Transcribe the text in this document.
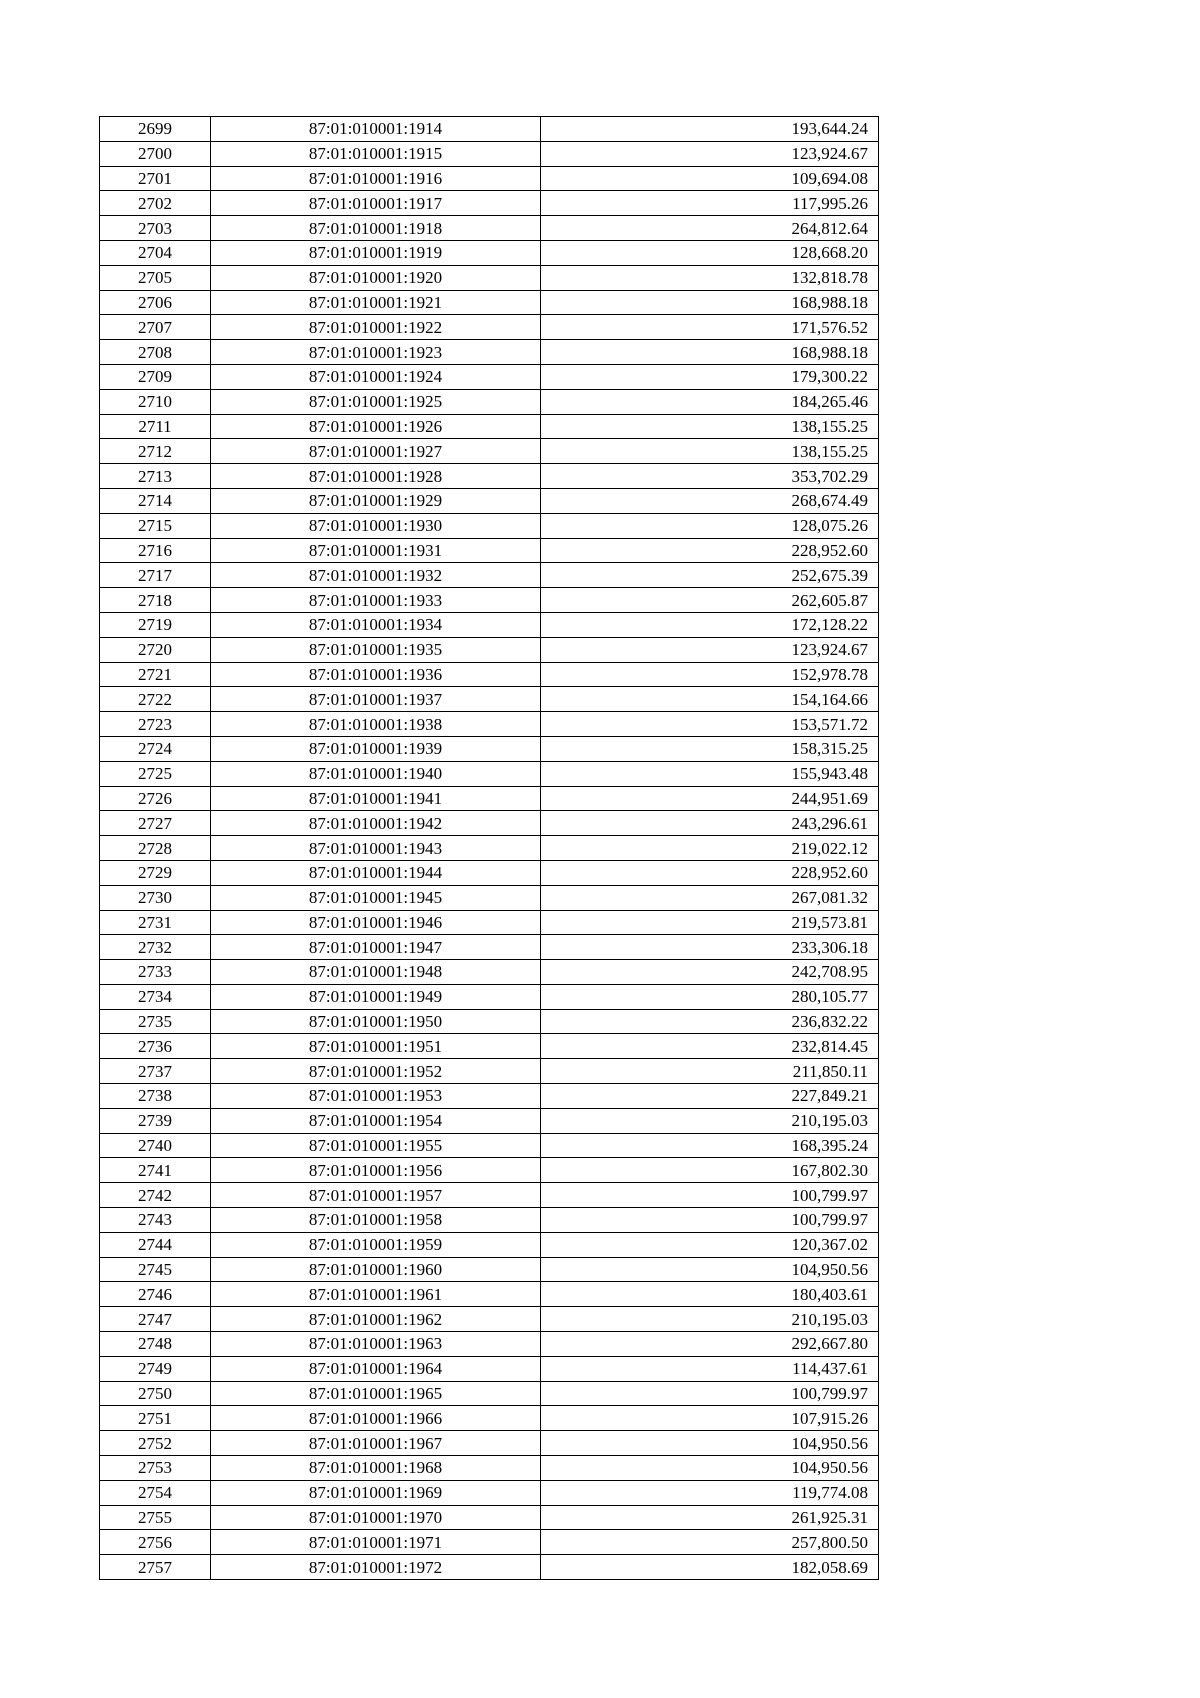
2699	87:01:010001:1914	193,644.24
2700	87:01:010001:1915	123,924.67
2701	87:01:010001:1916	109,694.08
2702	87:01:010001:1917	117,995.26
2703	87:01:010001:1918	264,812.64
2704	87:01:010001:1919	128,668.20
2705	87:01:010001:1920	132,818.78
2706	87:01:010001:1921	168,988.18
2707	87:01:010001:1922	171,576.52
2708	87:01:010001:1923	168,988.18
2709	87:01:010001:1924	179,300.22
2710	87:01:010001:1925	184,265.46
2711	87:01:010001:1926	138,155.25
2712	87:01:010001:1927	138,155.25
2713	87:01:010001:1928	353,702.29
2714	87:01:010001:1929	268,674.49
2715	87:01:010001:1930	128,075.26
2716	87:01:010001:1931	228,952.60
2717	87:01:010001:1932	252,675.39
2718	87:01:010001:1933	262,605.87
2719	87:01:010001:1934	172,128.22
2720	87:01:010001:1935	123,924.67
2721	87:01:010001:1936	152,978.78
2722	87:01:010001:1937	154,164.66
2723	87:01:010001:1938	153,571.72
2724	87:01:010001:1939	158,315.25
2725	87:01:010001:1940	155,943.48
2726	87:01:010001:1941	244,951.69
2727	87:01:010001:1942	243,296.61
2728	87:01:010001:1943	219,022.12
2729	87:01:010001:1944	228,952.60
2730	87:01:010001:1945	267,081.32
2731	87:01:010001:1946	219,573.81
2732	87:01:010001:1947	233,306.18
2733	87:01:010001:1948	242,708.95
2734	87:01:010001:1949	280,105.77
2735	87:01:010001:1950	236,832.22
2736	87:01:010001:1951	232,814.45
2737	87:01:010001:1952	211,850.11
2738	87:01:010001:1953	227,849.21
2739	87:01:010001:1954	210,195.03
2740	87:01:010001:1955	168,395.24
2741	87:01:010001:1956	167,802.30
2742	87:01:010001:1957	100,799.97
2743	87:01:010001:1958	100,799.97
2744	87:01:010001:1959	120,367.02
2745	87:01:010001:1960	104,950.56
2746	87:01:010001:1961	180,403.61
2747	87:01:010001:1962	210,195.03
2748	87:01:010001:1963	292,667.80
2749	87:01:010001:1964	114,437.61
2750	87:01:010001:1965	100,799.97
2751	87:01:010001:1966	107,915.26
2752	87:01:010001:1967	104,950.56
2753	87:01:010001:1968	104,950.56
2754	87:01:010001:1969	119,774.08
2755	87:01:010001:1970	261,925.31
2756	87:01:010001:1971	257,800.50
2757	87:01:010001:1972	182,058.69
